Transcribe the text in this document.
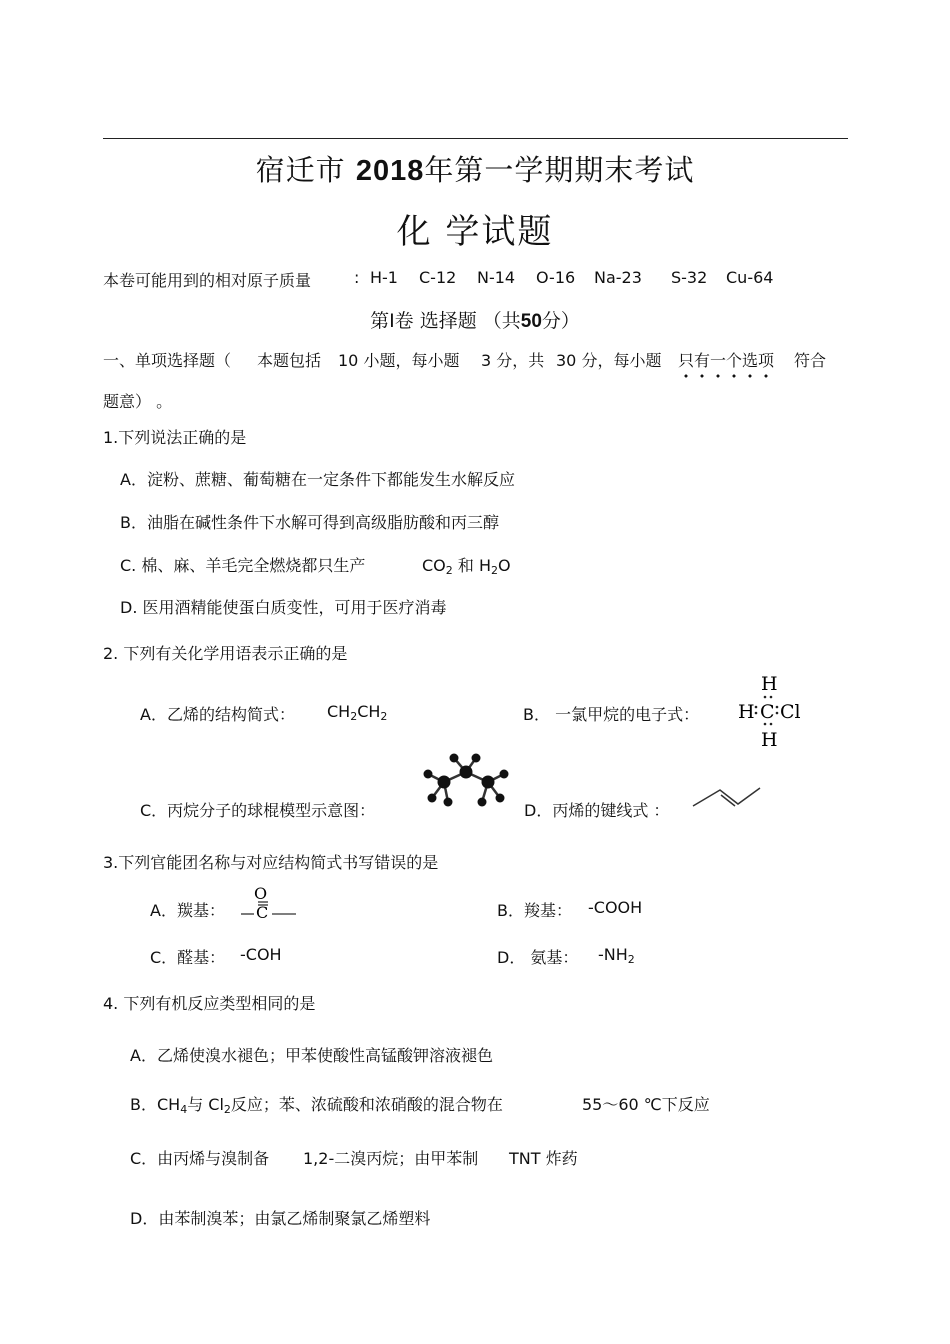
宿迁市 2018年第一学期期末考试
化 学试题
本卷可能用到的相对原子质量	: H-1 C-12 N-14 O-16 Na-23 S-32 Cu-64
第Ⅰ卷 选择题 （共50分）
一、单项选择题（ 本题包括 10 小题，每小题 3 分，共 30 分，每小题 只有一个选项 符合
题意） 。
1.下列说法正确的是
A．淀粉、蔗糖、葡萄糖在一定条件下都能发生水解反应
B．油脂在碱性条件下水解可得到高级脂肪酸和丙三醇
C. 棉、麻、羊毛完全燃烧都只生产	$CO_2$ 和 $H_2O$
D. 医用酒精能使蛋白质变性，可用于医疗消毒
2. 下列有关化学用语表示正确的是
A．乙烯的结构简式： $CH_2CH_2$	B． 一氯甲烷的电子式：
H
H C Cl
H
C．丙烷分子的球棍模型示意图：	D．丙烯的键线式 ：
3.下列官能团名称与对应结构简式书写错误的是
A．羰基：
O
C	B．羧基： -COOH
C．醛基： -COH	D． 氨基： $-NH_2$
4. 下列有机反应类型相同的是
A．乙烯使溴水褪色；甲苯使酸性高锰酸钾溶液褪色
B．$CH_4$与 $Cl_2$反应；苯、浓硫酸和浓硝酸的混合物在	55～60 ℃下反应
C．由丙烯与溴制备 1,2-二溴丙烷；由甲苯制 TNT 炸药
D．由苯制溴苯；由氯乙烯制聚氯乙烯塑料
